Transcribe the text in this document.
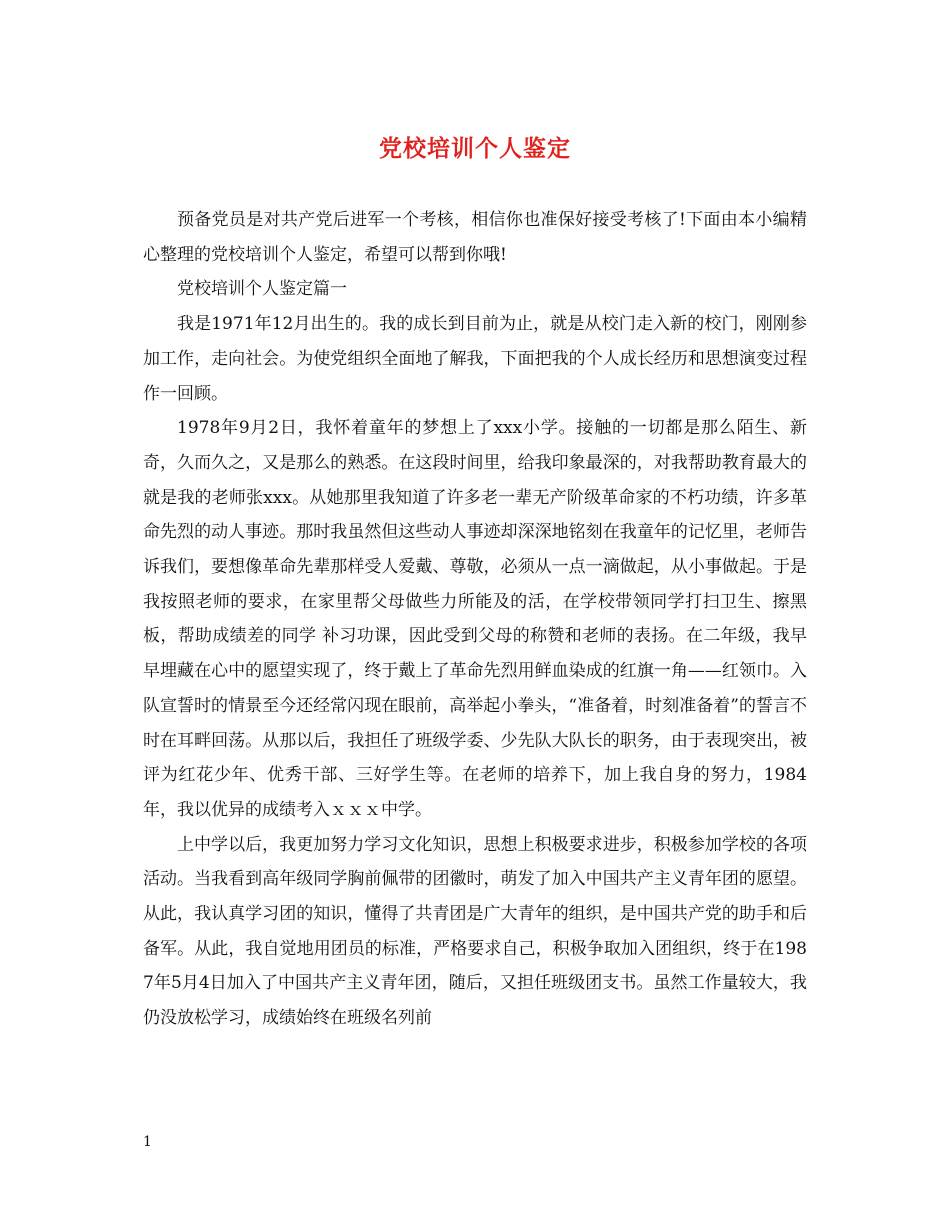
党校培训个人鉴定

预备党员是对共产党后进军一个考核，相信你也准保好接受考核了!下面由本小编精心整理的党校培训个人鉴定，希望可以帮到你哦!

党校培训个人鉴定篇一

我是1971年12月出生的。我的成长到目前为止，就是从校门走入新的校门，刚刚参加工作，走向社会。为使党组织全面地了解我，下面把我的个人成长经历和思想演变过程作一回顾。

1978年9月2日，我怀着童年的梦想上了xxx小学。接触的一切都是那么陌生、新奇，久而久之，又是那么的熟悉。在这段时间里，给我印象最深的，对我帮助教育最大的就是我的老师张xxx。从她那里我知道了许多老一辈无产阶级革命家的不朽功绩，许多革命先烈的动人事迹。那时我虽然但这些动人事迹却深深地铭刻在我童年的记忆里，老师告诉我们，要想像革命先辈那样受人爱戴、尊敬，必须从一点一滴做起，从小事做起。于是我按照老师的要求，在家里帮父母做些力所能及的活，在学校带领同学打扫卫生、擦黑板，帮助成绩差的同学 补习功课，因此受到父母的称赞和老师的表扬。在二年级，我早早埋藏在心中的愿望实现了，终于戴上了革命先烈用鲜血染成的红旗一角——红领巾。入队宣誓时的情景至今还经常闪现在眼前，高举起小拳头，“准备着，时刻准备着”的誓言不时在耳畔回荡。从那以后，我担任了班级学委、少先队大队长的职务，由于表现突出，被评为红花少年、优秀干部、三好学生等。在老师的培养下，加上我自身的努力，1984年，我以优异的成绩考入ｘｘｘ中学。

上中学以后，我更加努力学习文化知识，思想上积极要求进步，积极参加学校的各项活动。当我看到高年级同学胸前佩带的团徽时，萌发了加入中国共产主义青年团的愿望。从此，我认真学习团的知识，懂得了共青团是广大青年的组织，是中国共产党的助手和后备军。从此，我自觉地用团员的标准，严格要求自己，积极争取加入团组织，终于在1987年5月4日加入了中国共产主义青年团，随后，又担任班级团支书。虽然工作量较大，我仍没放松学习，成绩始终在班级名列前

1
